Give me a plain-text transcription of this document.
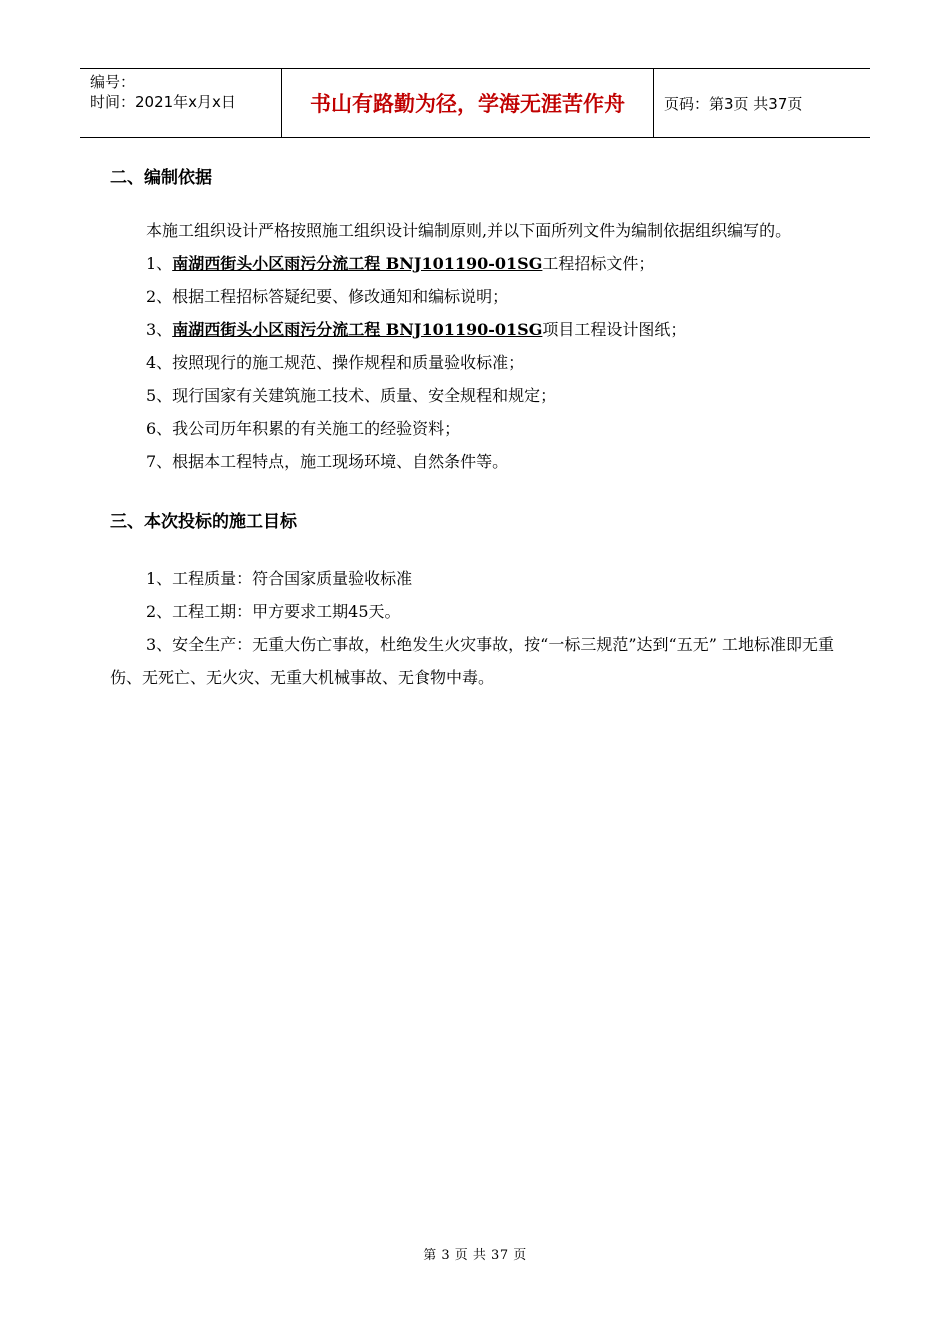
编号：
时间：2021年x月x日	书山有路勤为径，学海无涯苦作舟	页码：第3页 共37页
二、编制依据

本施工组织设计严格按照施工组织设计编制原则,并以下面所列文件为编制依据组织编写的。

1、南湖西街头小区雨污分流工程 BNJ101190-01SG工程招标文件；

2、根据工程招标答疑纪要、修改通知和编标说明；

3、南湖西街头小区雨污分流工程 BNJ101190-01SG项目工程设计图纸；

4、按照现行的施工规范、操作规程和质量验收标准；

5、现行国家有关建筑施工技术、质量、安全规程和规定；

6、我公司历年积累的有关施工的经验资料；

7、根据本工程特点，施工现场环境、自然条件等。

三、本次投标的施工目标

1、工程质量：符合国家质量验收标准

2、工程工期：甲方要求工期45天。

3、安全生产：无重大伤亡事故，杜绝发生火灾事故，按“一标三规范”达到“五无” 工地标准即无重伤、无死亡、无火灾、无重大机械事故、无食物中毒。

第 3 页 共 37 页
